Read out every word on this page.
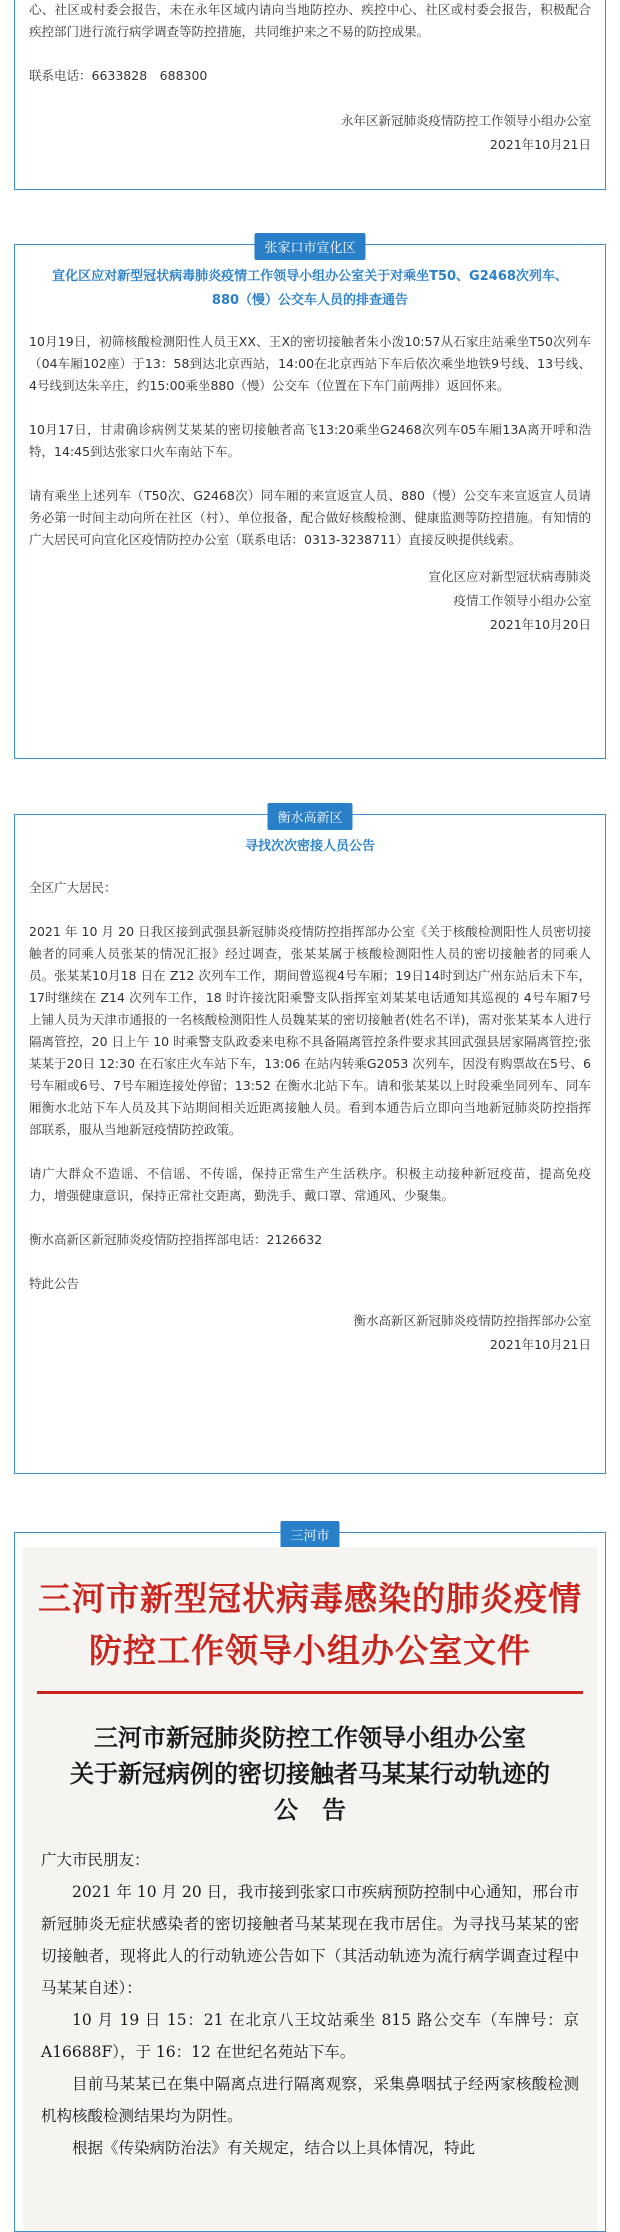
心、社区或村委会报告，未在永年区域内请向当地防控办、疾控中心、社区或村委会报告，积极配合疾控部门进行流行病学调查等防控措施，共同维护来之不易的防控成果。

联系电话：6633828　688300

永年区新冠肺炎疫情防控工作领导小组办公室
2021年10月21日
张家口市宣化区
宣化区应对新型冠状病毒肺炎疫情工作领导小组办公室关于对乘坐T50、G2468次列车、880（慢）公交车人员的排查通告

10月19日，初筛核酸检测阳性人员王XX、王X的密切接触者朱小泼10:57从石家庄站乘坐T50次列车（04车厢102座）于13：58到达北京西站，14:00在北京西站下车后依次乘坐地铁9号线、13号线、4号线到达朱辛庄，约15:00乘坐880（慢）公交车（位置在下车门前两排）返回怀来。

10月17日，甘肃确诊病例艾某某的密切接触者高飞13:20乘坐G2468次列车05车厢13A离开呼和浩特，14:45到达张家口火车南站下车。

请有乘坐上述列车（T50次、G2468次）同车厢的来宣返宣人员、880（慢）公交车来宣返宣人员请务必第一时间主动向所在社区（村）、单位报备，配合做好核酸检测、健康监测等防控措施。有知情的广大居民可向宣化区疫情防控办公室（联系电话：0313-3238711）直接反映提供线索。

宣化区应对新型冠状病毒肺炎
疫情工作领导小组办公室
2021年10月20日
衡水高新区
寻找次次密接人员公告

全区广大居民：

2021 年 10 月 20 日我区接到武强县新冠肺炎疫情防控指挥部办公室《关于核酸检测阳性人员密切接触者的同乘人员张某的情况汇报》经过调查，张某某属于核酸检测阳性人员的密切接触者的同乘人员。张某某10月18 日在 Z12 次列车工作，期间曾巡视4号车厢；19日14时到达广州东站后未下车，17时继续在 Z14 次列车工作，18 时许接沈阳乘警支队指挥室刘某某电话通知其巡视的 4号车厢7号上铺人员为天津市通报的一名核酸检测阳性人员魏某某的密切接触者(姓名不详)，需对张某某本人进行隔离管控，20 日上午 10 时乘警支队政委来电称不具备隔离管控条件要求其回武强县居家隔离管控;张某某于20日 12:30 在石家庄火车站下车，13:06 在站内转乘G2053 次列车，因没有购票故在5号、6号车厢或6号、7号车厢连接处停留；13:52 在衡水北站下车。请和张某某以上时段乘坐同列车、同车厢衡水北站下车人员及其下站期间相关近距离接触人员。看到本通告后立即向当地新冠肺炎防控指挥部联系，服从当地新冠疫情防控政策。

请广大群众不造谣、不信谣、不传谣，保持正常生产生活秩序。积极主动接种新冠疫苗，提高免疫力，增强健康意识，保持正常社交距离，勤洗手、戴口罩、常通风、少聚集。

衡水高新区新冠肺炎疫情防控指挥部电话：2126632

特此公告

衡水高新区新冠肺炎疫情防控指挥部办公室
2021年10月21日
三河市
三河市新型冠状病毒感染的肺炎疫情
防控工作领导小组办公室文件
三河市新冠肺炎防控工作领导小组办公室
关于新冠病例的密切接触者马某某行动轨迹的
公　告

广大市民朋友：

2021 年 10 月 20 日，我市接到张家口市疾病预防控制中心通知，邢台市新冠肺炎无症状感染者的密切接触者马某某现在我市居住。为寻找马某某的密切接触者，现将此人的行动轨迹公告如下（其活动轨迹为流行病学调查过程中马某某自述）：

10 月 19 日 15：21 在北京八王坟站乘坐 815 路公交车（车牌号：京 A16688F），于 16：12 在世纪名苑站下车。

目前马某某已在集中隔离点进行隔离观察，采集鼻咽拭子经两家核酸检测机构核酸检测结果均为阴性。

根据《传染病防治法》有关规定，结合以上具体情况，特此
